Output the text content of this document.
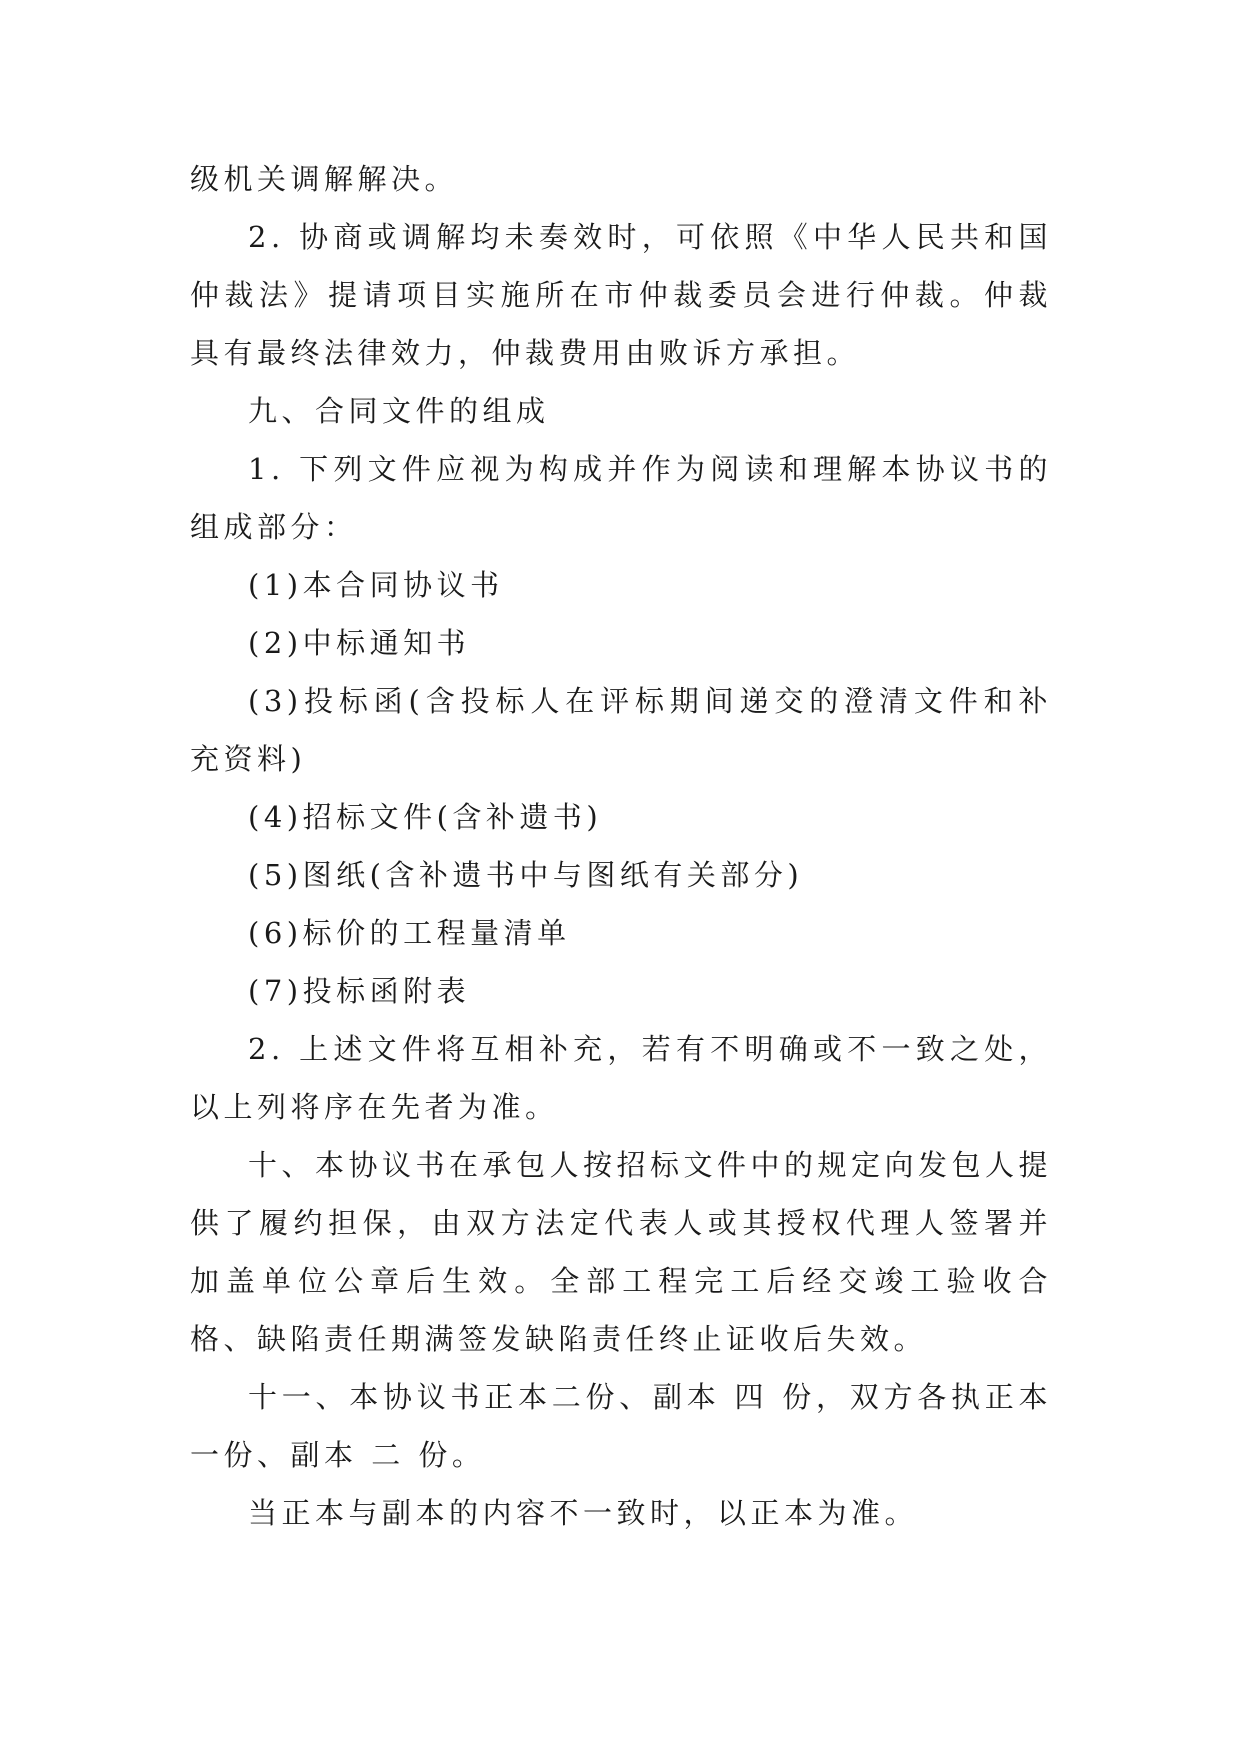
级机关调解解决。

2. 协商或调解均未奏效时，可依照《中华人民共和国仲裁法》提请项目实施所在市仲裁委员会进行仲裁。仲裁具有最终法律效力，仲裁费用由败诉方承担。

九、合同文件的组成

1. 下列文件应视为构成并作为阅读和理解本协议书的组成部分：

(1)本合同协议书

(2)中标通知书

(3)投标函(含投标人在评标期间递交的澄清文件和补充资料)

(4)招标文件(含补遗书)

(5)图纸(含补遗书中与图纸有关部分)

(6)标价的工程量清单

(7)投标函附表

2. 上述文件将互相补充，若有不明确或不一致之处，以上列将序在先者为准。

十、本协议书在承包人按招标文件中的规定向发包人提供了履约担保，由双方法定代表人或其授权代理人签署并加盖单位公章后生效。全部工程完工后经交竣工验收合格、缺陷责任期满签发缺陷责任终止证收后失效。

十一、本协议书正本二份、副本 四 份，双方各执正本一份、副本 二 份。

当正本与副本的内容不一致时，以正本为准。
